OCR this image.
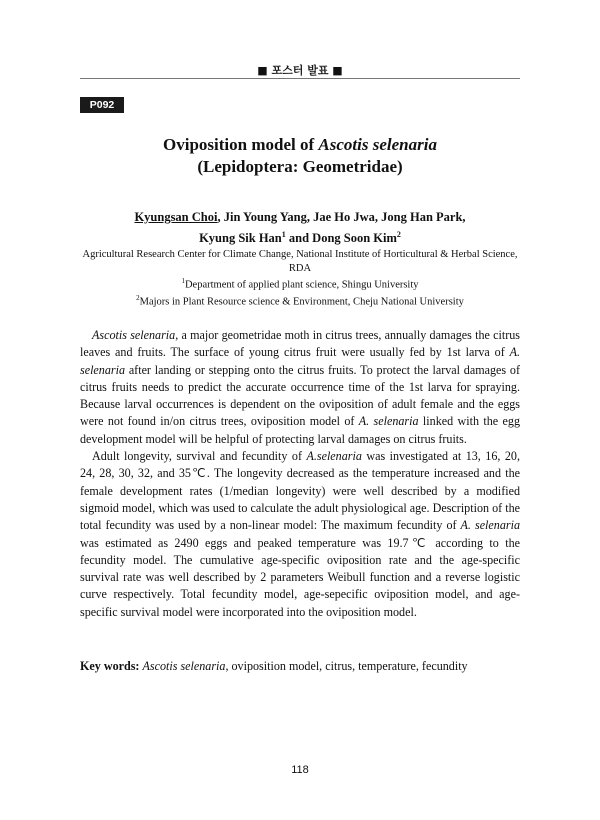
■ 포스터 발표 ■
P092
Oviposition model of Ascotis selenaria
(Lepidoptera: Geometridae)
Kyungsan Choi, Jin Young Yang, Jae Ho Jwa, Jong Han Park,
Kyung Sik Han$^1$ and Dong Soon Kim$^2$
Agricultural Research Center for Climate Change, National Institute of Horticultural & Herbal Science, RDA
$^1$Department of applied plant science, Shingu University
$^2$Majors in Plant Resource science & Environment, Cheju National University

Ascotis selenaria, a major geometridae moth in citrus trees, annually damages the citrus leaves and fruits. The surface of young citrus fruit were usually fed by 1st larva of A. selenaria after landing or stepping onto the citrus fruits. To protect the larval damages of citrus fruits needs to predict the accurate occurrence time of the 1st larva for spraying. Because larval occurrences is dependent on the oviposition of adult female and the eggs were not found in/on citrus trees, oviposition model of A. selenaria linked with the egg development model will be helpful of protecting larval damages on citrus fruits.

Adult longevity, survival and fecundity of A.selenaria was investigated at 13, 16, 20, 24, 28, 30, 32, and 35℃. The longevity decreased as the temperature increased and the female development rates (1/median longevity) were well described by a modified sigmoid model, which was used to calculate the adult physiological age. Description of the total fecundity was used by a non-linear model: The maximum fecundity of A. selenaria was estimated as 2490 eggs and peaked temperature was 19.7℃ according to the fecundity model. The cumulative age-specific oviposition rate and the age-specific survival rate was well described by 2 parameters Weibull function and a reverse logistic curve respectively. Total fecundity model, age-sepecific oviposition model, and age-specific survival model were incorporated into the oviposition model.

Key words: Ascotis selenaria, oviposition model, citrus, temperature, fecundity
118
